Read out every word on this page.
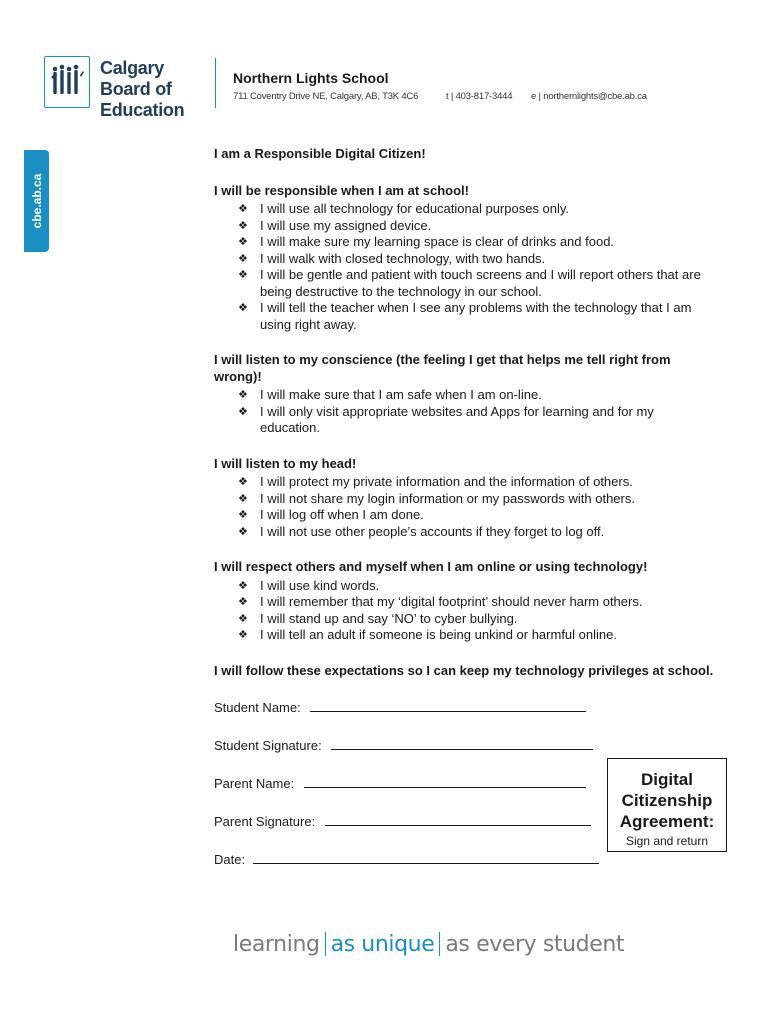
Calgary Board of Education
Northern Lights School
711 Coventry Drive NE, Calgary, AB, T3K 4C6	t | 403-817-3444 e | northernlights@cbe.ab.ca
cbe.ab.ca

I am a Responsible Digital Citizen!

I will be responsible when I am at school!

❖ I will use all technology for educational purposes only.
❖ I will use my assigned device.
❖ I will make sure my learning space is clear of drinks and food.
❖ I will walk with closed technology, with two hands.
❖ I will be gentle and patient with touch screens and I will report others that are being destructive to the technology in our school.
❖ I will tell the teacher when I see any problems with the technology that I am using right away.

I will listen to my conscience (the feeling I get that helps me tell right from wrong)!

❖ I will make sure that I am safe when I am on-line.
❖ I will only visit appropriate websites and Apps for learning and for my education.

I will listen to my head!

❖ I will protect my private information and the information of others.
❖ I will not share my login information or my passwords with others.
❖ I will log off when I am done.
❖ I will not use other people’s accounts if they forget to log off.

I will respect others and myself when I am online or using technology!

❖ I will use kind words.
❖ I will remember that my ‘digital footprint’ should never harm others.
❖ I will stand up and say ‘NO’ to cyber bullying.
❖ I will tell an adult if someone is being unkind or harmful online.

I will follow these expectations so I can keep my technology privileges at school.

Student Name:
Student Signature:
Parent Name:
Parent Signature:
Date:
Digital Citizenship Agreement:
Sign and return
learning as unique as every student
